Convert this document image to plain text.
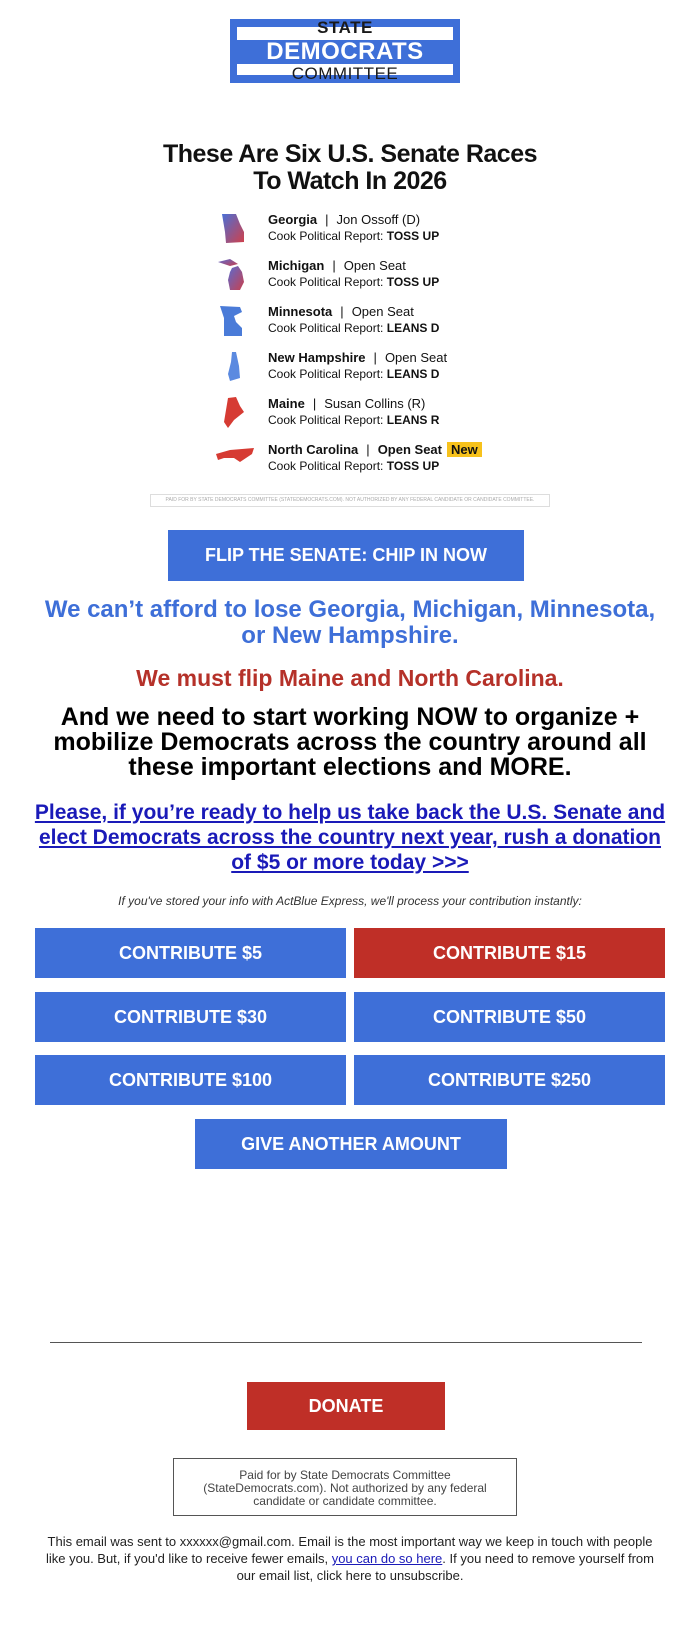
STATE
DEMOCRATS
COMMITTEE
These Are Six U.S. Senate Races To Watch In 2026
Georgia | Jon Ossoff (D)
Cook Political Report: TOSS UP
Michigan | Open Seat
Cook Political Report: TOSS UP
Minnesota | Open Seat
Cook Political Report: LEANS D
New Hampshire | Open Seat
Cook Political Report: LEANS D
Maine | Susan Collins (R)
Cook Political Report: LEANS R
North Carolina | Open Seat New
Cook Political Report: TOSS UP
PAID FOR BY STATE DEMOCRATS COMMITTEE (STATEDEMOCRATS.COM). NOT AUTHORIZED BY ANY FEDERAL CANDIDATE OR CANDIDATE COMMITTEE.
FLIP THE SENATE: CHIP IN NOW
We can’t afford to lose Georgia, Michigan, Minnesota, or New Hampshire.
We must flip Maine and North Carolina.
And we need to start working NOW to organize + mobilize Democrats across the country around all these important elections and MORE.
Please, if you’re ready to help us take back the U.S. Senate and elect Democrats across the country next year, rush a donation of $5 or more today >>>
If you've stored your info with ActBlue Express, we'll process your contribution instantly:
CONTRIBUTE $5	CONTRIBUTE $15
CONTRIBUTE $30	CONTRIBUTE $50
CONTRIBUTE $100	CONTRIBUTE $250
GIVE ANOTHER AMOUNT
DONATE
Paid for by State Democrats Committee (StateDemocrats.com). Not authorized by any federal candidate or candidate committee.
This email was sent to xxxxxx@gmail.com. Email is the most important way we keep in touch with people like you. But, if you'd like to receive fewer emails, you can do so here. If you need to remove yourself from our email list, click here to unsubscribe.
